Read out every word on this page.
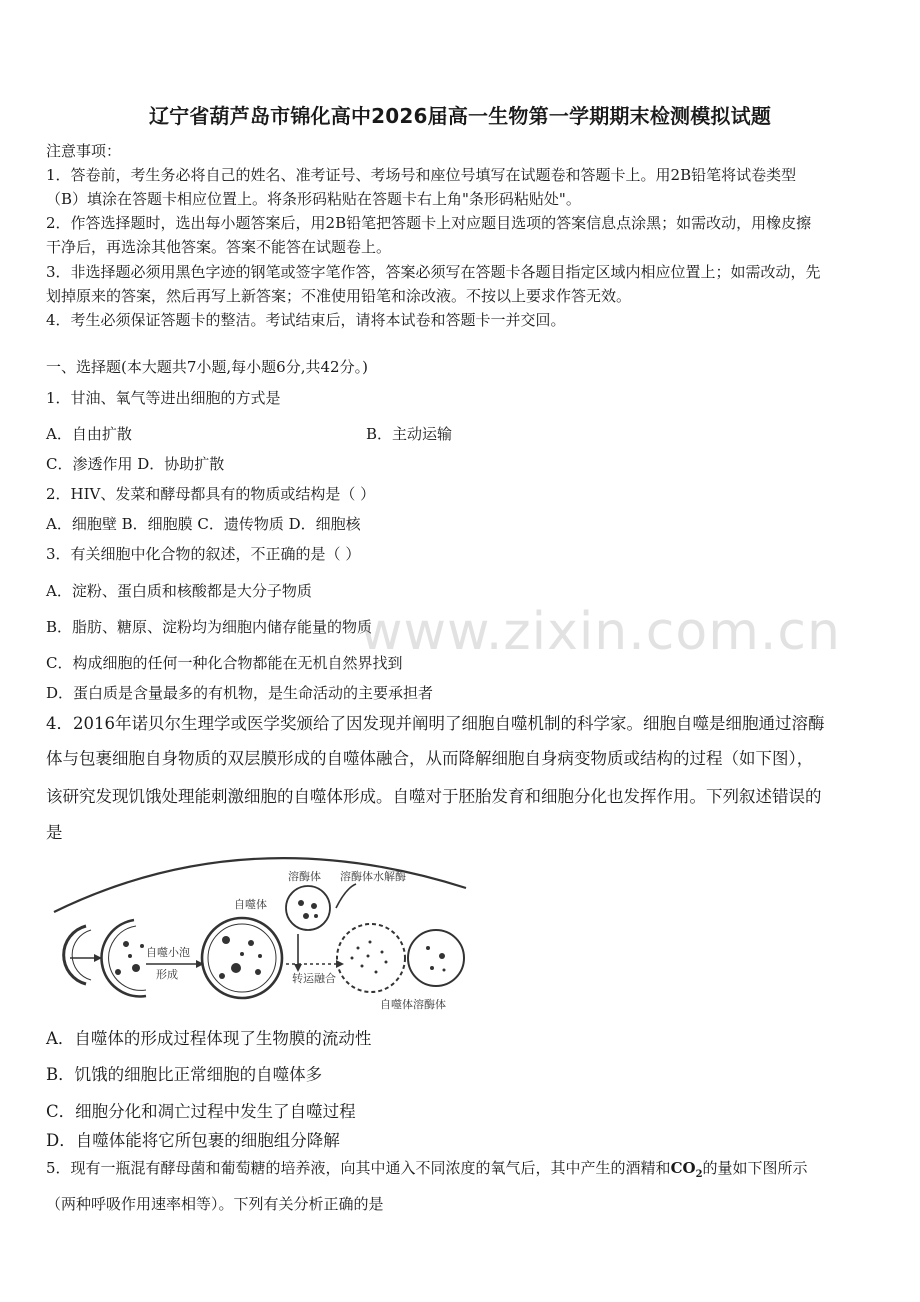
辽宁省葫芦岛市锦化高中2026届高一生物第一学期期末检测模拟试题
注意事项：
1．答卷前，考生务必将自己的姓名、准考证号、考场号和座位号填写在试题卷和答题卡上。用2B铅笔将试卷类型
（B）填涂在答题卡相应位置上。将条形码粘贴在答题卡右上角"条形码粘贴处"。
2．作答选择题时，选出每小题答案后，用2B铅笔把答题卡上对应题目选项的答案信息点涂黑；如需改动，用橡皮擦
干净后，再选涂其他答案。答案不能答在试题卷上。
3．非选择题必须用黑色字迹的钢笔或签字笔作答，答案必须写在答题卡各题目指定区域内相应位置上；如需改动，先
划掉原来的答案，然后再写上新答案；不准使用铅笔和涂改液。不按以上要求作答无效。
4．考生必须保证答题卡的整洁。考试结束后，请将本试卷和答题卡一并交回。
一、选择题(本大题共7小题,每小题6分,共42分。)
1．甘油、氧气等进出细胞的方式是
A．自由扩散	B．主动运输
C．渗透作用 D．协助扩散
2．HIV、发菜和酵母都具有的物质或结构是（ ）
A．细胞壁 B．细胞膜 C．遗传物质 D．细胞核
3．有关细胞中化合物的叙述，不正确的是（ ）
A．淀粉、蛋白质和核酸都是大分子物质
B．脂肪、糖原、淀粉均为细胞内储存能量的物质
C．构成细胞的任何一种化合物都能在无机自然界找到
D．蛋白质是含量最多的有机物，是生命活动的主要承担者
4．2016年诺贝尔生理学或医学奖颁给了因发现并阐明了细胞自噬机制的科学家。细胞自噬是细胞通过溶酶
体与包裹细胞自身物质的双层膜形成的自噬体融合，从而降解细胞自身病变物质或结构的过程（如下图），
该研究发现饥饿处理能刺激细胞的自噬体形成。自噬对于胚胎发育和细胞分化也发挥作用。下列叙述错误的
是
自噬体
溶酶体 溶酶体水解酶
自噬小泡
形成	转运融合
自噬体溶酶体
A．自噬体的形成过程体现了生物膜的流动性
B．饥饿的细胞比正常细胞的自噬体多
C．细胞分化和凋亡过程中发生了自噬过程
D．自噬体能将它所包裹的细胞组分降解
5．现有一瓶混有酵母菌和葡萄糖的培养液，向其中通入不同浓度的氧气后，其中产生的酒精和$CO_2$的量如下图所示
（两种呼吸作用速率相等）。下列有关分析正确的是
www.zixin.com.cn
